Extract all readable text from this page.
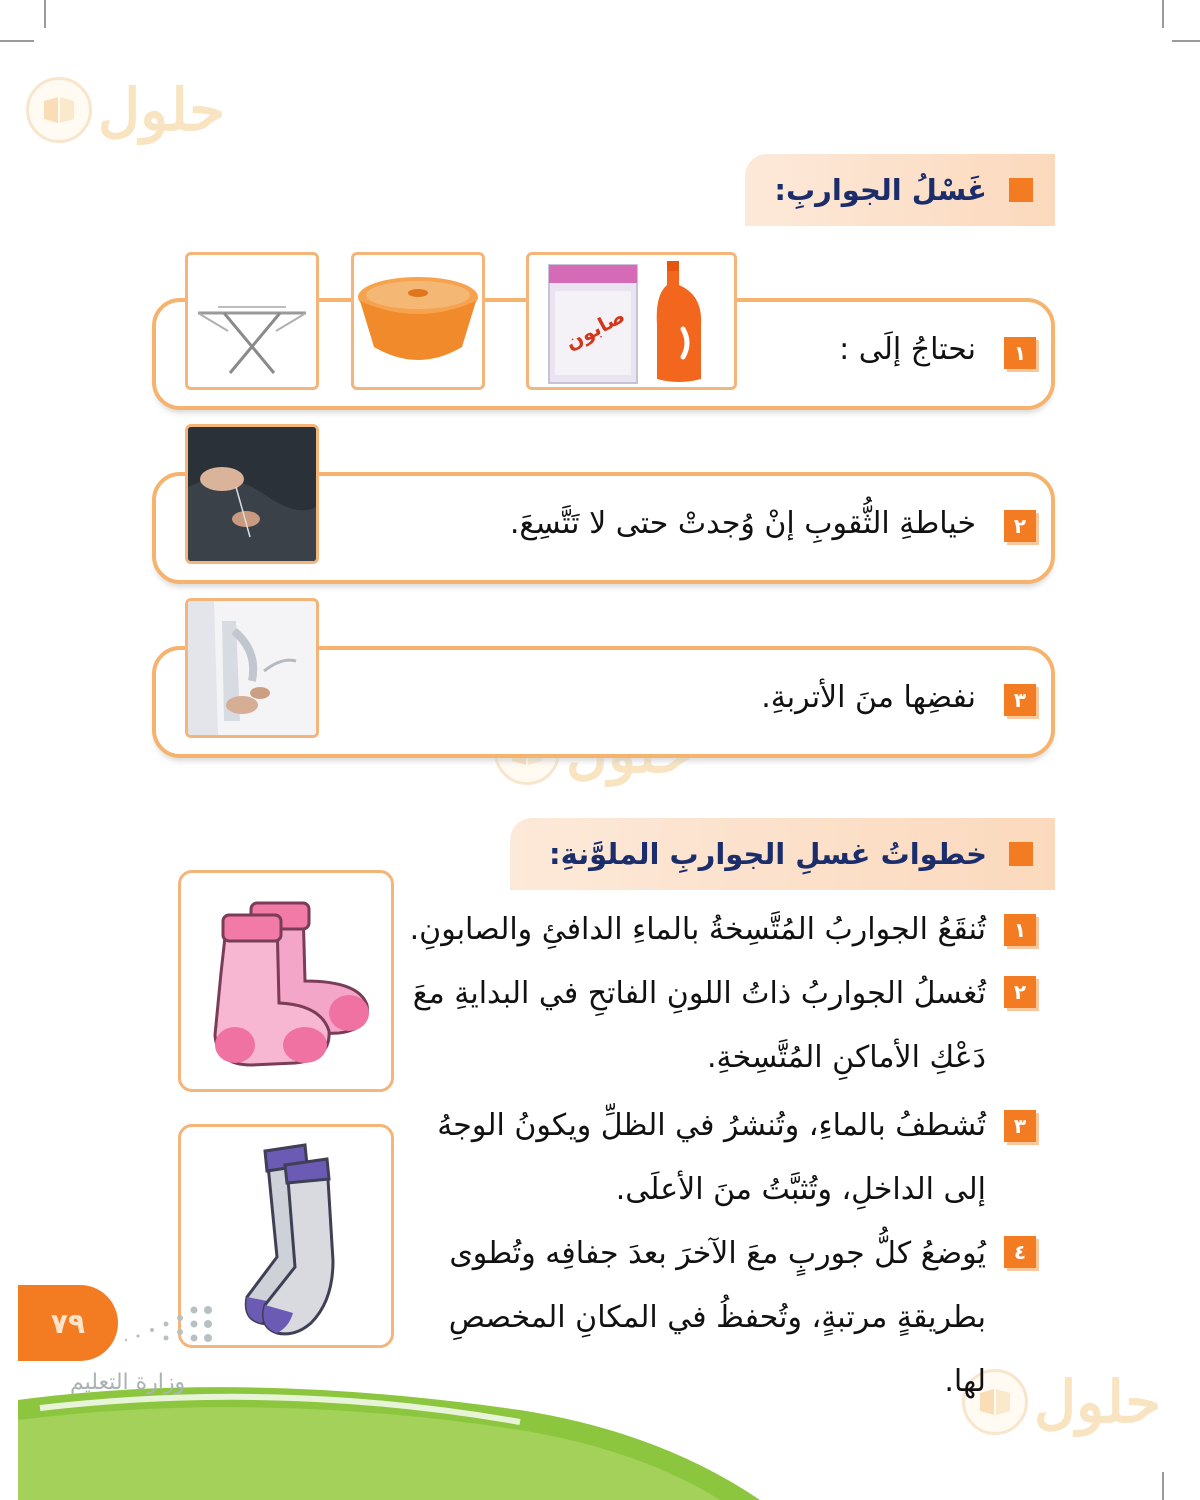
حلول
حلول
غَسْلُ الجواربِ:
١
نحتاجُ إلَى :
صابون
٢
خياطةِ الثُّقوبِ إنْ وُجدتْ حتى لا تَتَّسِعَ.
٣
نفضِها منَ الأتربةِ.
خطواتُ غسلِ الجواربِ الملوَّنةِ:
١
تُنقَعُ الجواربُ المُتَّسِخةُ بالماءِ الدافئِ والصابونِ.
٢
تُغسلُ الجواربُ ذاتُ اللونِ الفاتحِ في البدايةِ معَ دَعْكِ الأماكنِ المُتَّسِخةِ.
٣
تُشطفُ بالماءِ، وتُنشرُ في الظلِّ ويكونُ الوجهُ إلى الداخلِ، وتُثبَّتُ منَ الأعلَى.
٤
يُوضعُ كلُّ جوربٍ معَ الآخرَ بعدَ جفافِه وتُطوى بطريقةٍ مرتبةٍ، وتُحفظُ في المكانِ المخصصِ لها.
٧٩
وزارة التعليم
